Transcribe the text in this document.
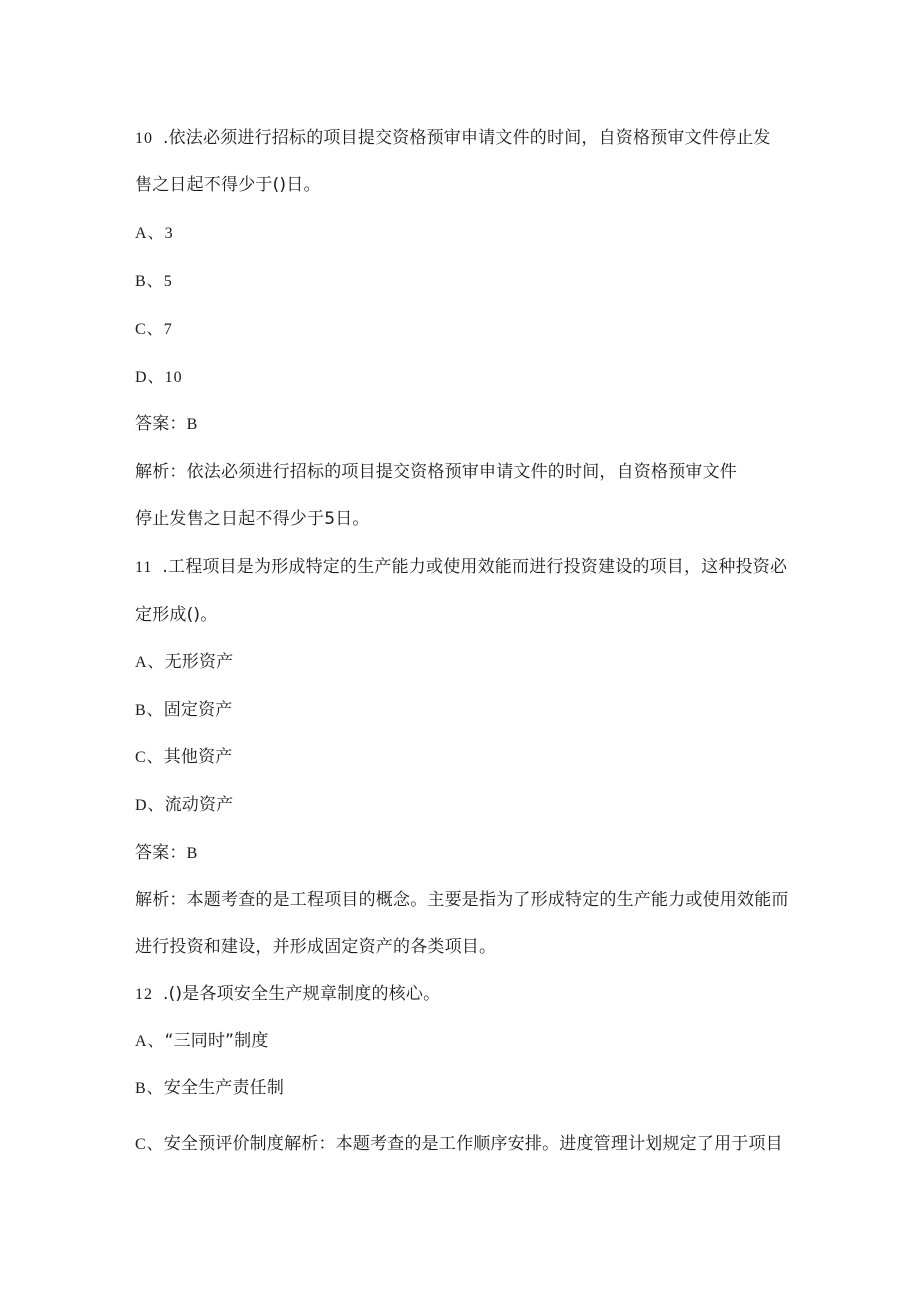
10 .依法必须进行招标的项目提交资格预审申请文件的时间，自资格预审文件停止发
售之日起不得少于()日。
A、3
B、5
C、7
D、10
答案：B
解析：依法必须进行招标的项目提交资格预审申请文件的时间，自资格预审文件
停止发售之日起不得少于5日。
11 .工程项目是为形成特定的生产能力或使用效能而进行投资建设的项目，这种投资必
定形成()。
A、无形资产
B、固定资产
C、其他资产
D、流动资产
答案：B
解析：本题考查的是工程项目的概念。主要是指为了形成特定的生产能力或使用效能而
进行投资和建设，并形成固定资产的各类项目。
12 .()是各项安全生产规章制度的核心。
A、“三同时”制度
B、安全生产责任制
C、安全预评价制度解析：本题考查的是工作顺序安排。进度管理计划规定了用于项目
